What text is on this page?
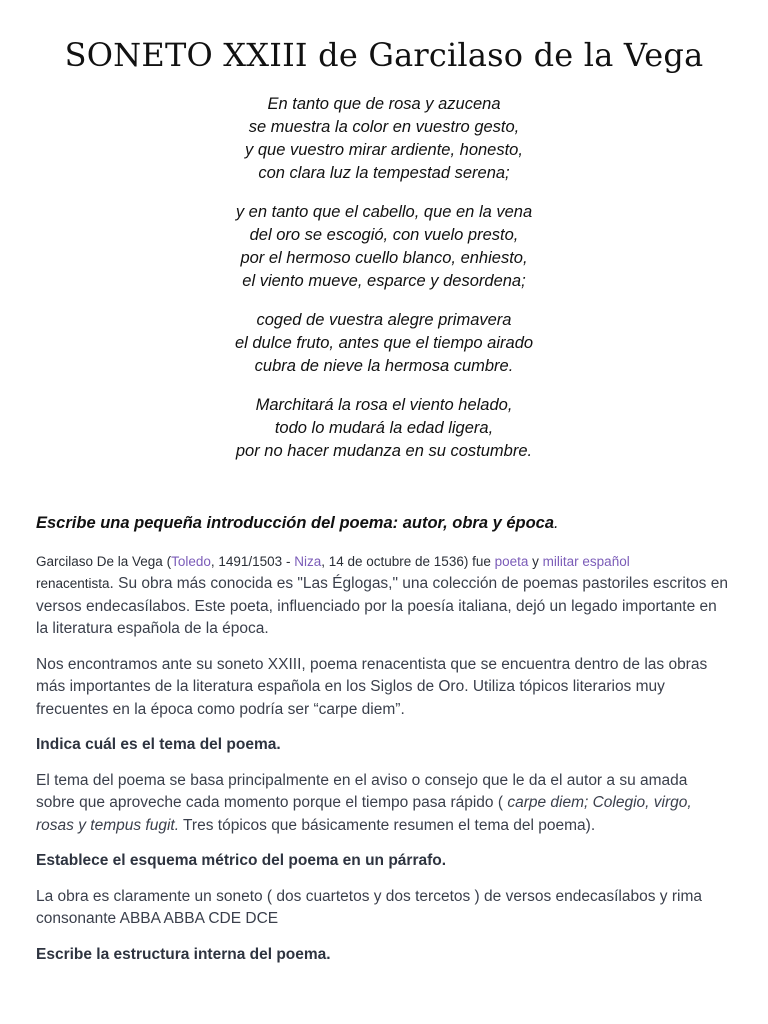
SONETO XXIII de Garcilaso de la Vega

En tanto que de rosa y azucena
se muestra la color en vuestro gesto,
y que vuestro mirar ardiente, honesto,
con clara luz la tempestad serena;

y en tanto que el cabello, que en la vena
del oro se escogió, con vuelo presto,
por el hermoso cuello blanco, enhiesto,
el viento mueve, esparce y desordena;

coged de vuestra alegre primavera
el dulce fruto, antes que el tiempo airado
cubra de nieve la hermosa cumbre.

Marchitará la rosa el viento helado,
todo lo mudará la edad ligera,
por no hacer mudanza en su costumbre.

Escribe una pequeña introducción del poema: autor, obra y época.

Garcilaso De la Vega (Toledo, 1491/1503 - Niza, 14 de octubre de 1536) fue poeta y militar español
renacentista. Su obra más conocida es "Las Églogas," una colección de poemas pastoriles escritos en versos endecasílabos. Este poeta, influenciado por la poesía italiana, dejó un legado importante en la literatura española de la época.

Nos encontramos ante su soneto XXIII, poema renacentista que se encuentra dentro de las obras más importantes de la literatura española en los Siglos de Oro. Utiliza tópicos literarios muy frecuentes en la época como podría ser “carpe diem”.

Indica cuál es el tema del poema.

El tema del poema se basa principalmente en el aviso o consejo que le da el autor a su amada sobre que aproveche cada momento porque el tiempo pasa rápido ( carpe diem; Colegio, virgo, rosas y tempus fugit. Tres tópicos que básicamente resumen el tema del poema).

Establece el esquema métrico del poema en un párrafo.

La obra es claramente un soneto ( dos cuartetos y dos tercetos ) de versos endecasílabos y rima consonante ABBA ABBA CDE DCE

Escribe la estructura interna del poema.
